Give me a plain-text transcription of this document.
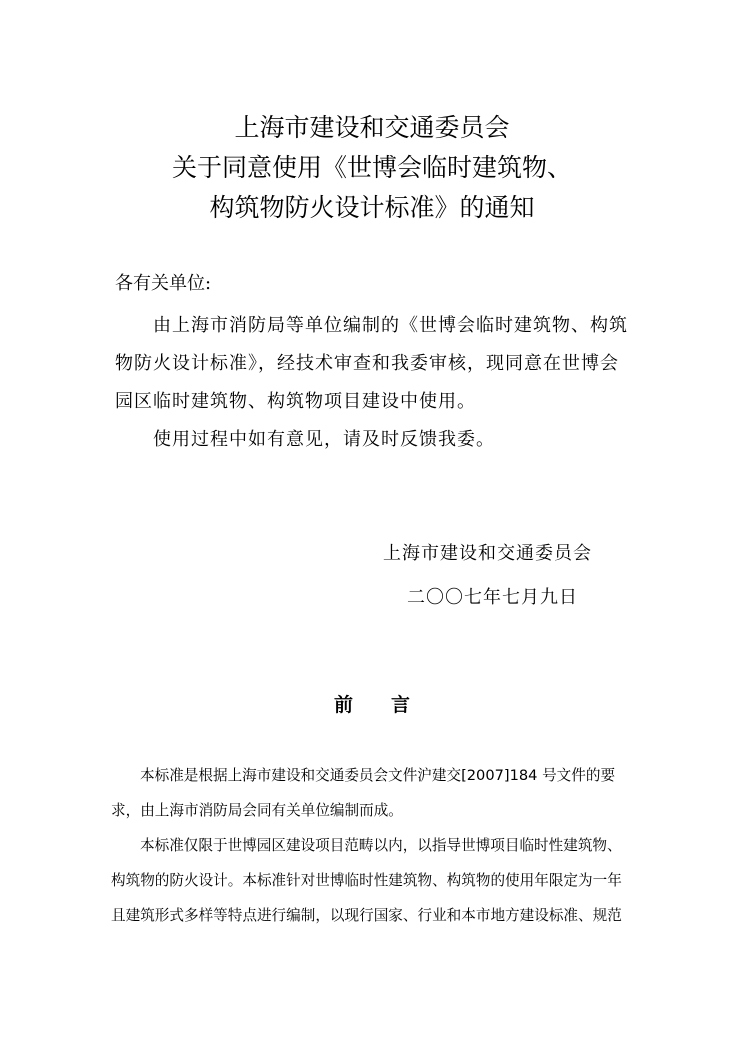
上海市建设和交通委员会
关于同意使用《世博会临时建筑物、
构筑物防火设计标准》的通知
各有关单位:
由上海市消防局等单位编制的《世博会临时建筑物、构筑物防火设计标准》，经技术审查和我委审核，现同意在世博会园区临时建筑物、构筑物项目建设中使用。
使用过程中如有意见，请及时反馈我委。
上海市建设和交通委员会
二〇〇七年七月九日
前言
本标准是根据上海市建设和交通委员会文件沪建交[2007]184 号文件的要求，由上海市消防局会同有关单位编制而成。
本标准仅限于世博园区建设项目范畴以内，以指导世博项目临时性建筑物、构筑物的防火设计。本标准针对世博临时性建筑物、构筑物的使用年限定为一年且建筑形式多样等特点进行编制，以现行国家、行业和本市地方建设标准、规范
